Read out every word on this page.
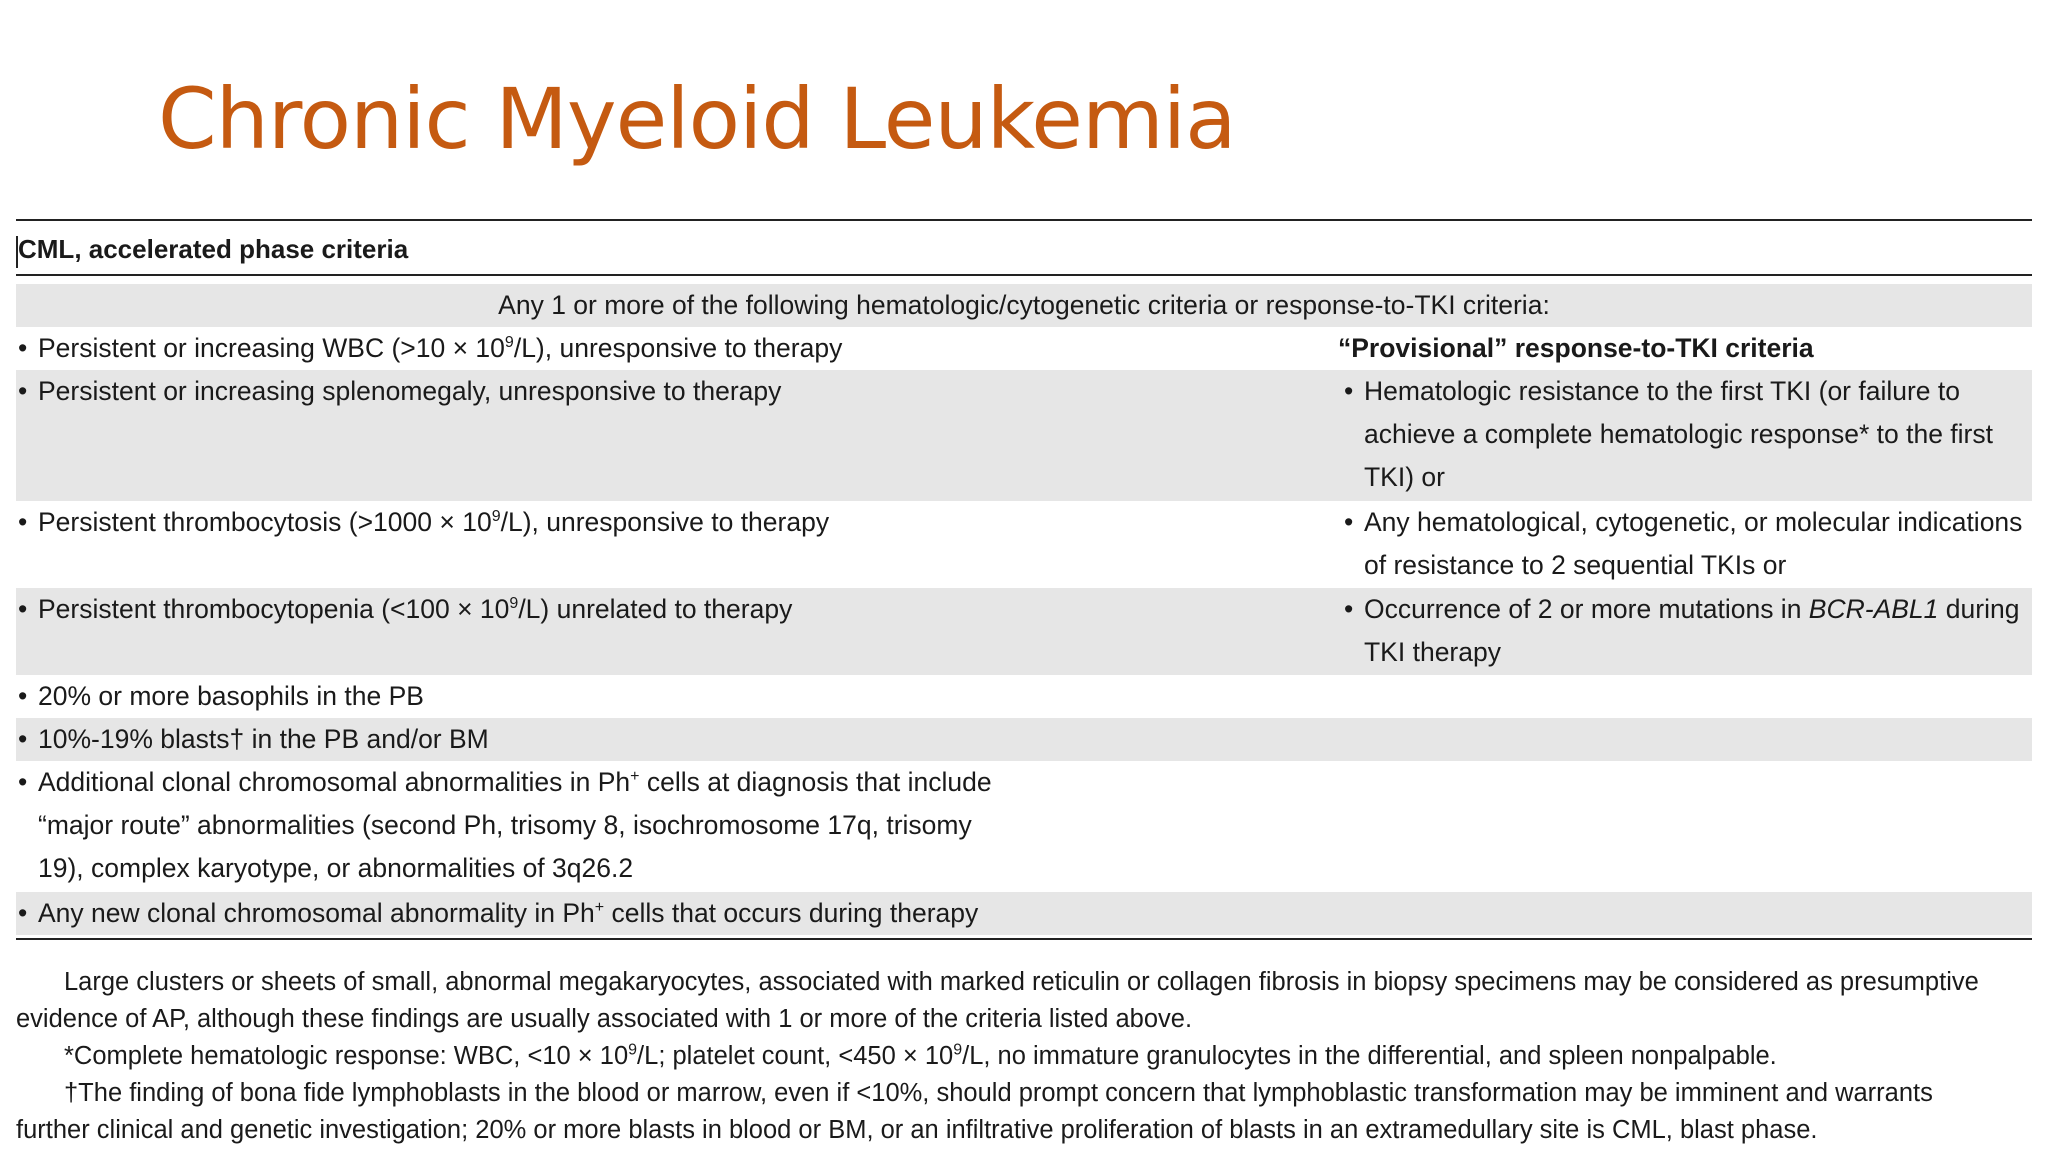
Chronic Myeloid Leukemia
CML, accelerated phase criteria
Any 1 or more of the following hematologic/cytogenetic criteria or response-to-TKI criteria:
• Persistent or increasing WBC $(>10 \times 10^9/L)$, unresponsive to therapy	“Provisional” response-to-TKI criteria
• Persistent or increasing splenomegaly, unresponsive to therapy	• Hematologic resistance to the first TKI (or failure to
achieve a complete hematologic response* to the first
TKI) or
• Persistent thrombocytosis $(>1000 \times 10^9/L)$, unresponsive to therapy	• Any hematological, cytogenetic, or molecular indications
of resistance to 2 sequential TKIs or
• Persistent thrombocytopenia $(<100 \times 10^9/L)$ unrelated to therapy	• Occurrence of 2 or more mutations in BCR-ABL1 during
TKI therapy
• 20% or more basophils in the PB
• 10%-19% blasts† in the PB and/or BM
• Additional clonal chromosomal abnormalities in Ph+ cells at diagnosis that include
“major route” abnormalities (second Ph, trisomy 8, isochromosome 17q, trisomy
19), complex karyotype, or abnormalities of 3q26.2
• Any new clonal chromosomal abnormality in Ph+ cells that occurs during therapy

Large clusters or sheets of small, abnormal megakaryocytes, associated with marked reticulin or collagen fibrosis in biopsy specimens may be considered as presumptive

evidence of AP, although these findings are usually associated with 1 or more of the criteria listed above.

*Complete hematologic response: WBC, $<10 \times 10^9/L$; platelet count, $<450 \times 10^9/L$, no immature granulocytes in the differential, and spleen nonpalpable.

†The finding of bona fide lymphoblasts in the blood or marrow, even if <10%, should prompt concern that lymphoblastic transformation may be imminent and warrants

further clinical and genetic investigation; 20% or more blasts in blood or BM, or an infiltrative proliferation of blasts in an extramedullary site is CML, blast phase.
